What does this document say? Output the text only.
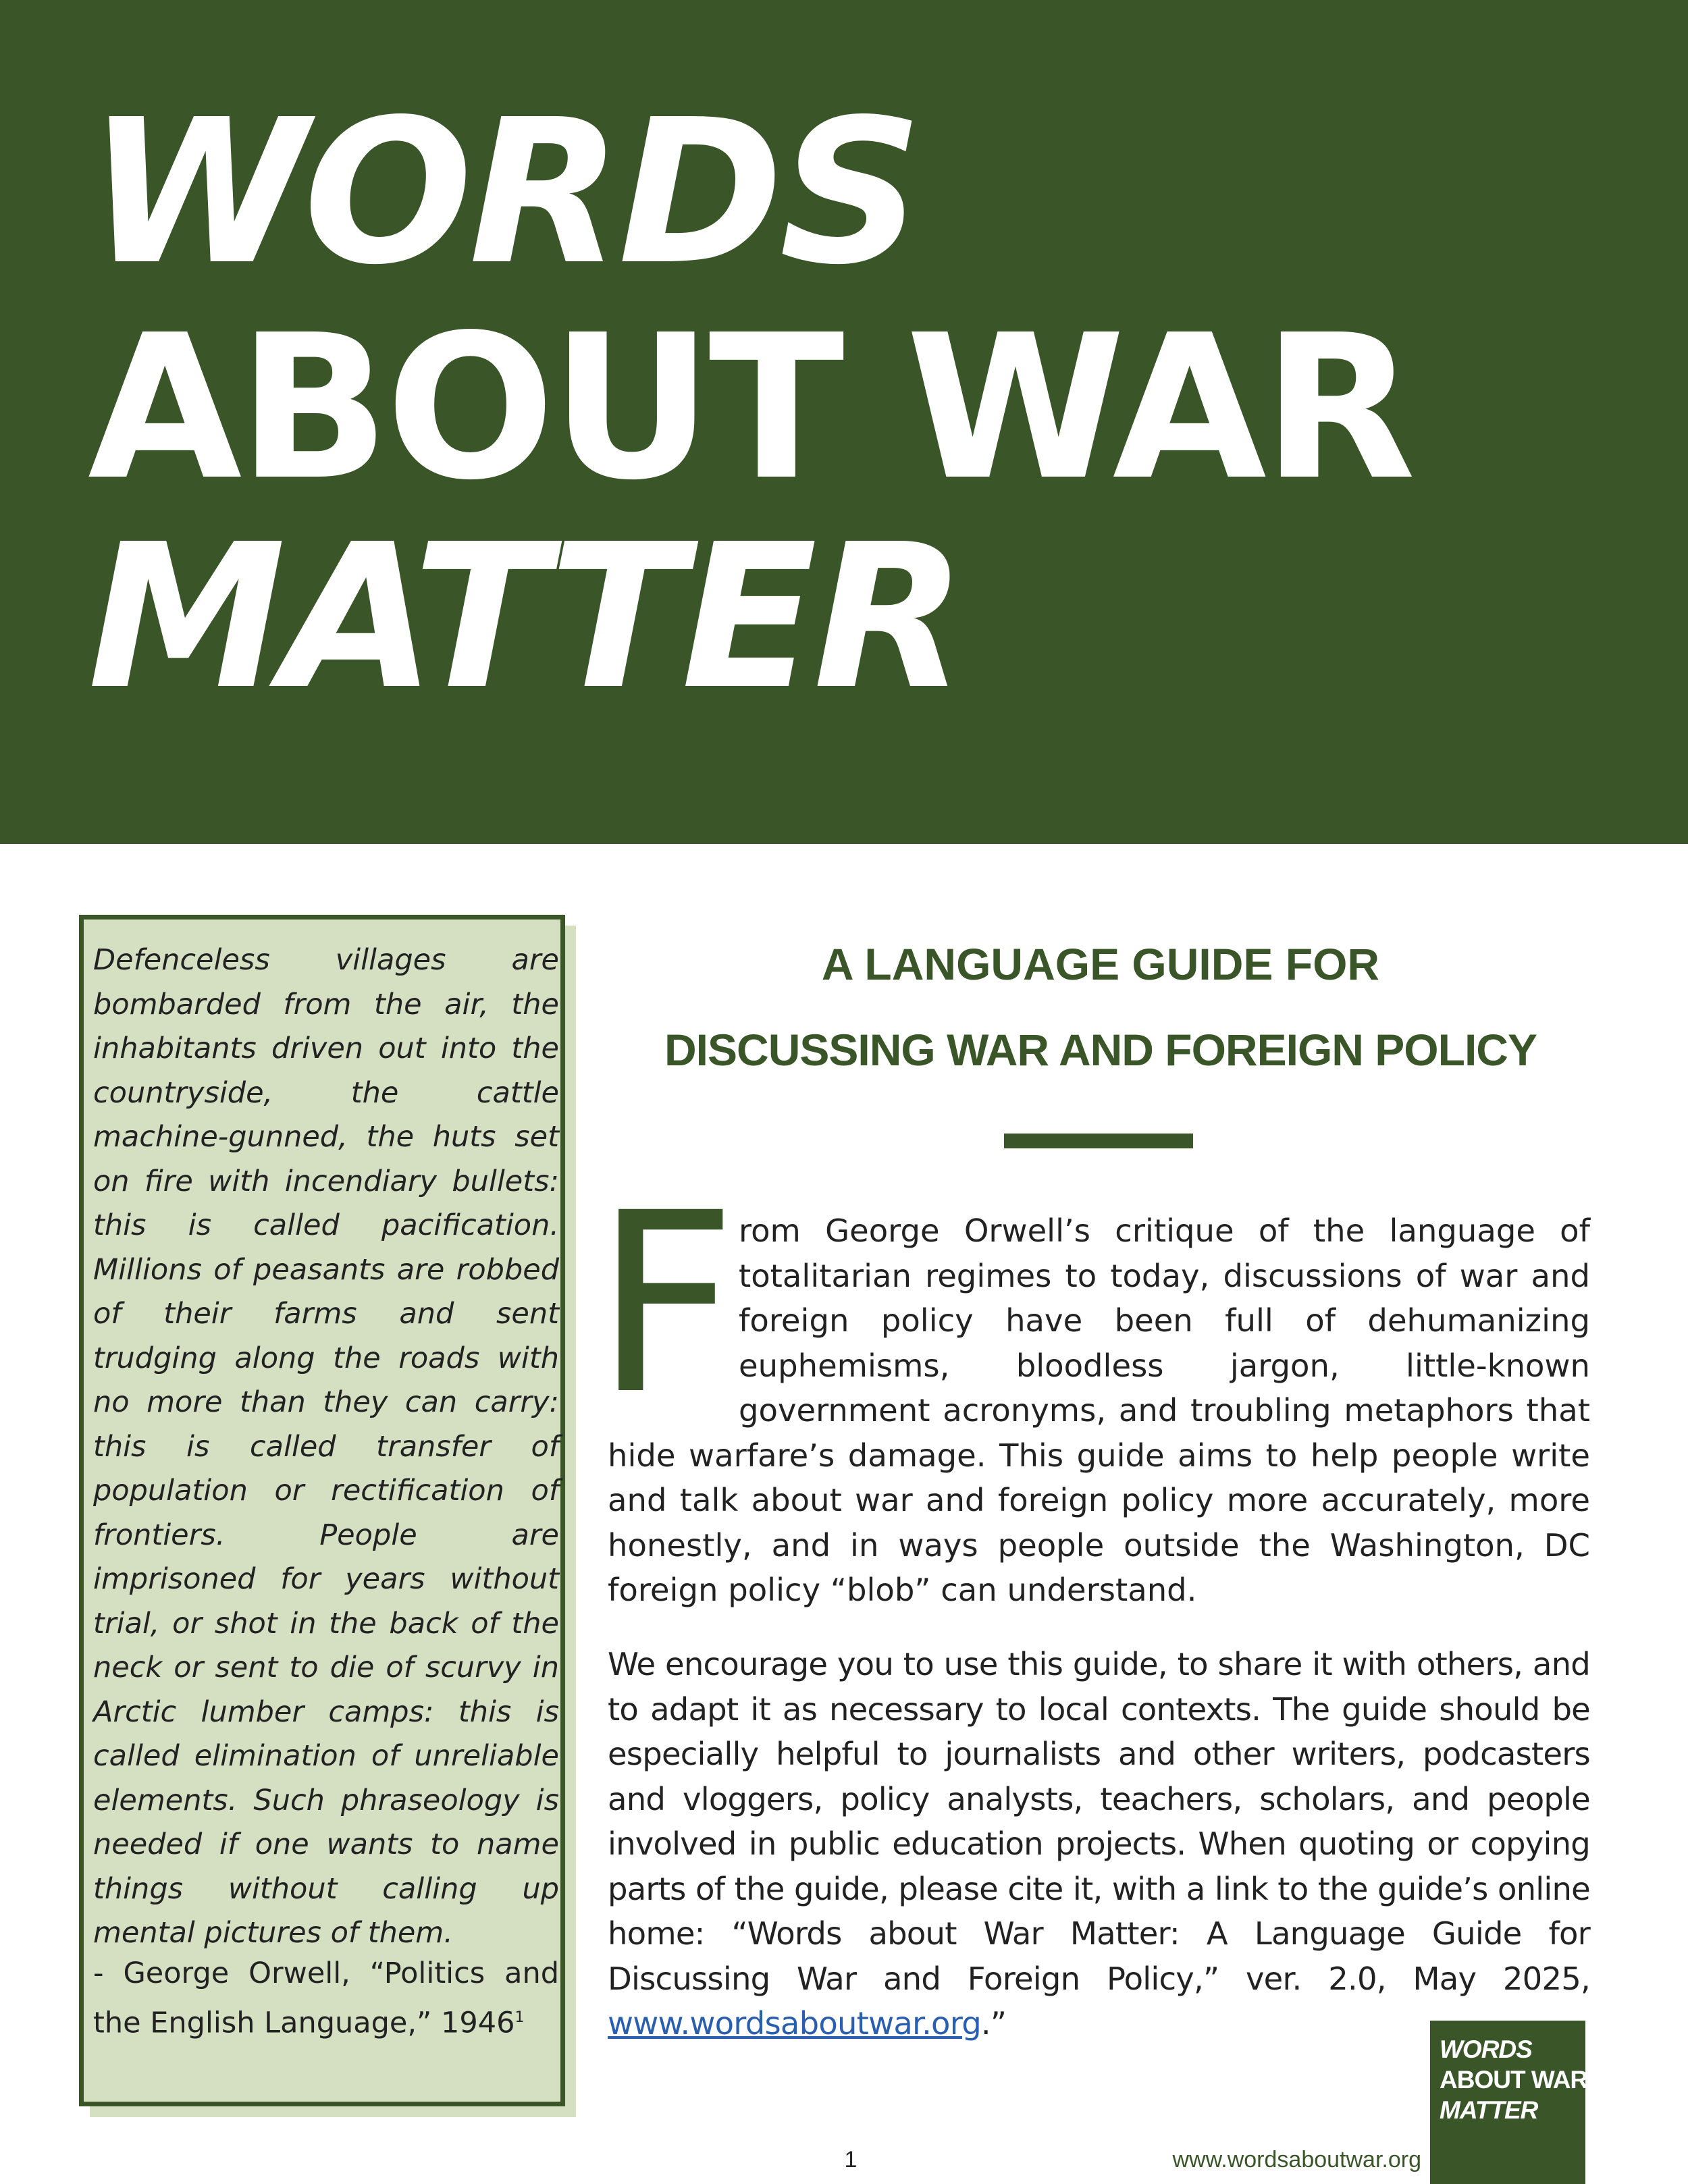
WORDS
ABOUT WAR
MATTER
Defenceless villages are bombarded from the air, the inhabitants driven out into the countryside, the cattle machine-gunned, the huts set on fire with incendiary bullets: this is called pacification. Millions of peasants are robbed of their farms and sent trudging along the roads with no more than they can carry: this is called transfer of population or rectification of frontiers. People are imprisoned for years without trial, or shot in the back of the neck or sent to die of scurvy in Arctic lumber camps: this is called elimination of unreliable elements. Such phraseology is needed if one wants to name things without calling up mental pictures of them.
- George Orwell, “Politics and the English Language,” 1946$^1$
A LANGUAGE GUIDE FOR
DISCUSSING WAR AND FOREIGN POLICY
F rom George Orwell’s critique of the language of totalitarian regimes to today, discussions of war and foreign policy have been full of dehumanizing euphemisms, bloodless jargon, little-known government acronyms, and troubling metaphors that hide warfare’s damage. This guide aims to help people write and talk about war and foreign policy more accurately, more honestly, and in ways people outside the Washington, DC foreign policy “blob” can understand.
We encourage you to use this guide, to share it with others, and to adapt it as necessary to local contexts. The guide should be especially helpful to journalists and other writers, podcasters and vloggers, policy analysts, teachers, scholars, and people involved in public education projects. When quoting or copying parts of the guide, please cite it, with a link to the guide’s online home: “Words about War Matter: A Language Guide for Discussing War and Foreign Policy,” ver. 2.0, May 2025, www.wordsaboutwar.org.”
1	www.wordsaboutwar.org
WORDS
ABOUT WAR
MATTER
